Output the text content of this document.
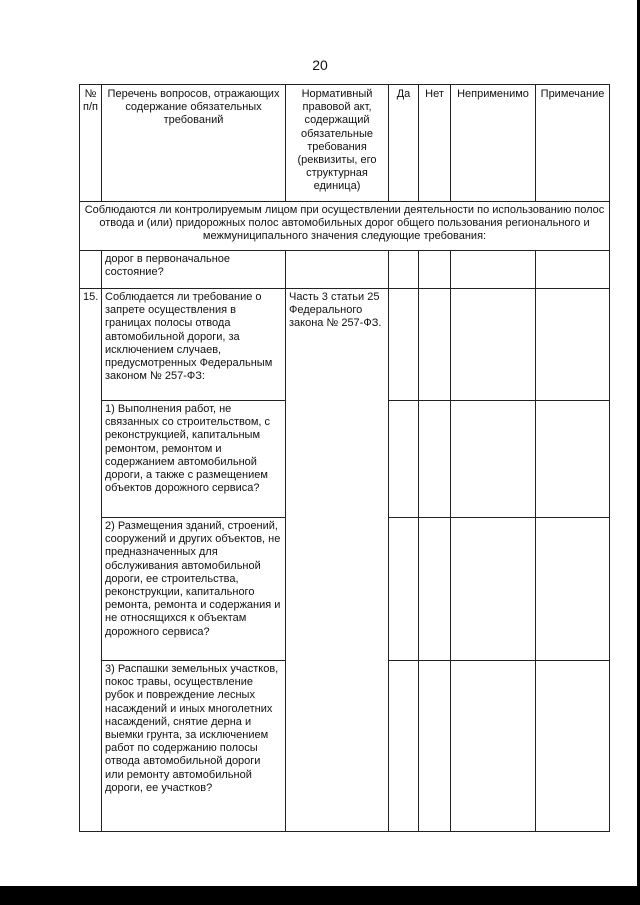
20
№ п/п	Перечень вопросов, отражающих содержание обязательных требований	Нормативный правовой акт, содержащий обязательные требования (реквизиты, его структурная единица)	Да	Нет	Неприменимо	Примечание
Соблюдаются ли контролируемым лицом при осуществлении деятельности по использованию полос отвода и (или) придорожных полос автомобильных дорог общего пользования регионального и межмуниципального значения следующие требования:						
	дорог в первоначальное состояние?					
15.	Соблюдается ли требование о запрете осуществления в границах полосы отвода автомобильной дороги, за исключением случаев, предусмотренных Федеральным законом № 257-ФЗ:	Часть 3 статьи 25 Федерального закона № 257-ФЗ.				
	1) Выполнения работ, не связанных со строительством, с реконструкцией, капитальным ремонтом, ремонтом и содержанием автомобильной дороги, а также с размещением объектов дорожного сервиса?					
	2) Размещения зданий, строений, сооружений и других объектов, не предназначенных для обслуживания автомобильной дороги, ее строительства, реконструкции, капитального ремонта, ремонта и содержания и не относящихся к объектам дорожного сервиса?					
	3) Распашки земельных участков, покос травы, осуществление рубок и повреждение лесных насаждений и иных многолетних насаждений, снятие дерна и выемки грунта, за исключением работ по содержанию полосы отвода автомобильной дороги или ремонту автомобильной дороги, ее участков?					
